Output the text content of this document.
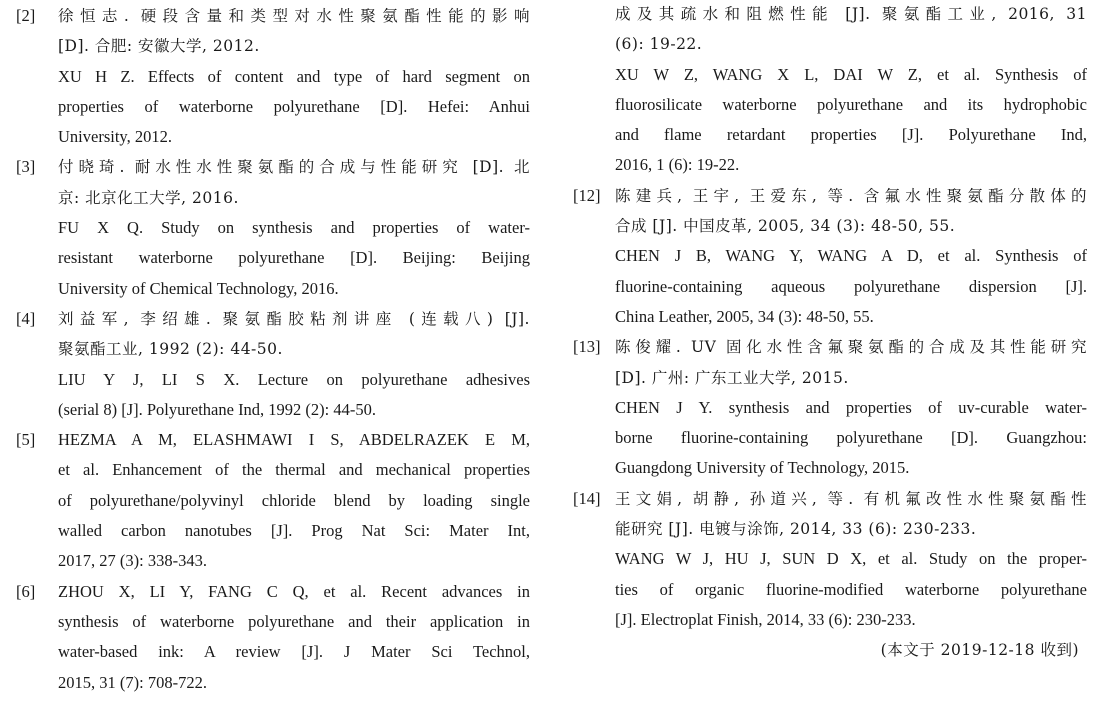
[2]	徐恒志. 硬段含量和类型对水性聚氨酯性能的影响
[D]. 合肥: 安徽大学, 2012.
XU H Z. Effects of content and type of hard segment on
properties of waterborne polyurethane [D]. Hefei: Anhui
University, 2012.
[3]	付晓琦. 耐水性水性聚氨酯的合成与性能研究 [D]. 北
京: 北京化工大学, 2016.
FU X Q. Study on synthesis and properties of water-
resistant waterborne polyurethane [D]. Beijing: Beijing
University of Chemical Technology, 2016.
[4]	刘益军, 李绍雄. 聚氨酯胶粘剂讲座 (连载八) [J].
聚氨酯工业, 1992 (2): 44-50.
LIU Y J, LI S X. Lecture on polyurethane adhesives
(serial 8) [J]. Polyurethane Ind, 1992 (2): 44-50.
[5]	HEZMA A M, ELASHMAWI I S, ABDELRAZEK E M,
et al. Enhancement of the thermal and mechanical properties
of polyurethane/polyvinyl chloride blend by loading single
walled carbon nanotubes [J]. Prog Nat Sci: Mater Int,
2017, 27 (3): 338-343.
[6]	ZHOU X, LI Y, FANG C Q, et al. Recent advances in
synthesis of waterborne polyurethane and their application in
water-based ink: A review [J]. J Mater Sci Technol,
2015, 31 (7): 708-722.
成及其疏水和阻燃性能 [J]. 聚氨酯工业, 2016, 31
(6): 19-22.
XU W Z, WANG X L, DAI W Z, et al. Synthesis of
fluorosilicate waterborne polyurethane and its hydrophobic
and flame retardant properties [J]. Polyurethane Ind,
2016, 1 (6): 19-22.
[12] 陈建兵, 王宇, 王爱东, 等. 含氟水性聚氨酯分散体的
合成 [J]. 中国皮革, 2005, 34 (3): 48-50, 55.
CHEN J B, WANG Y, WANG A D, et al. Synthesis of
fluorine-containing aqueous polyurethane dispersion [J].
China Leather, 2005, 34 (3): 48-50, 55.
[13] 陈俊耀. UV 固化水性含氟聚氨酯的合成及其性能研究
[D]. 广州: 广东工业大学, 2015.
CHEN J Y. synthesis and properties of uv-curable water-
borne fluorine-containing polyurethane [D]. Guangzhou:
Guangdong University of Technology, 2015.
[14] 王文娟, 胡静, 孙道兴, 等. 有机氟改性水性聚氨酯性
能研究 [J]. 电镀与涂饰, 2014, 33 (6): 230-233.
WANG W J, HU J, SUN D X, et al. Study on the proper-
ties of organic fluorine-modified waterborne polyurethane
[J]. Electroplat Finish, 2014, 33 (6): 230-233.
(本文于 2019-12-18 收到)
